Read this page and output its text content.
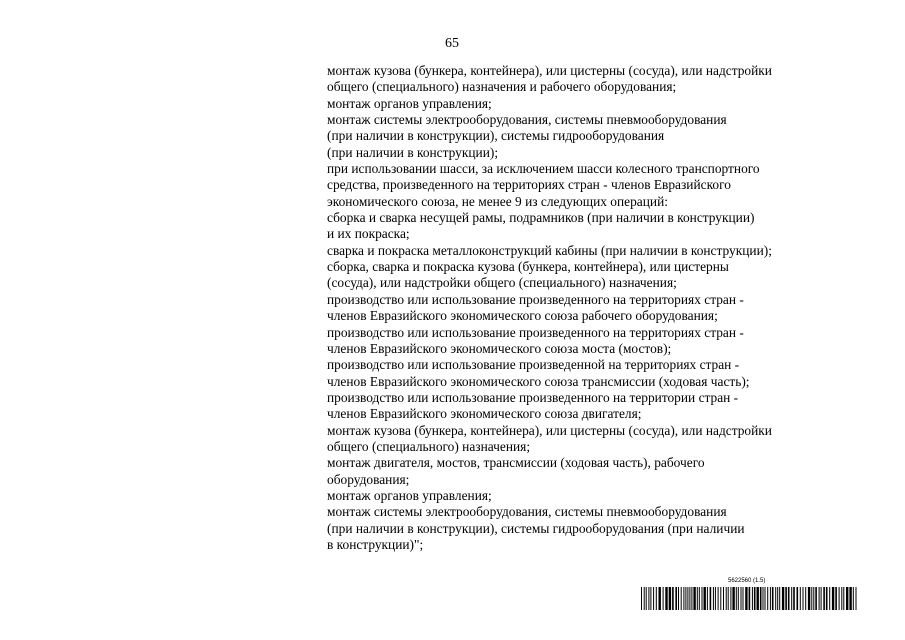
65
монтаж кузова (бункера, контейнера), или цистерны (сосуда), или надстройки
общего (специального) назначения и рабочего оборудования;
монтаж органов управления;
монтаж системы электрооборудования, системы пневмооборудования
(при наличии в конструкции), системы гидрооборудования
(при наличии в конструкции);
при использовании шасси, за исключением шасси колесного транспортного
средства, произведенного на территориях стран - членов Евразийского
экономического союза, не менее 9 из следующих операций:
сборка и сварка несущей рамы, подрамников (при наличии в конструкции)
и их покраска;
сварка и покраска металлоконструкций кабины (при наличии в конструкции);
сборка, сварка и покраска кузова (бункера, контейнера), или цистерны
(сосуда), или надстройки общего (специального) назначения;
производство или использование произведенного на территориях стран -
членов Евразийского экономического союза рабочего оборудования;
производство или использование произведенного на территориях стран -
членов Евразийского экономического союза моста (мостов);
производство или использование произведенной на территориях стран -
членов Евразийского экономического союза трансмиссии (ходовая часть);
производство или использование произведенного на территории стран -
членов Евразийского экономического союза двигателя;
монтаж кузова (бункера, контейнера), или цистерны (сосуда), или надстройки
общего (специального) назначения;
монтаж двигателя, мостов, трансмиссии (ходовая часть), рабочего
оборудования;
монтаж органов управления;
монтаж системы электрооборудования, системы пневмооборудования
(при наличии в конструкции), системы гидрооборудования (при наличии
в конструкции)";
5622560 (1.5)
